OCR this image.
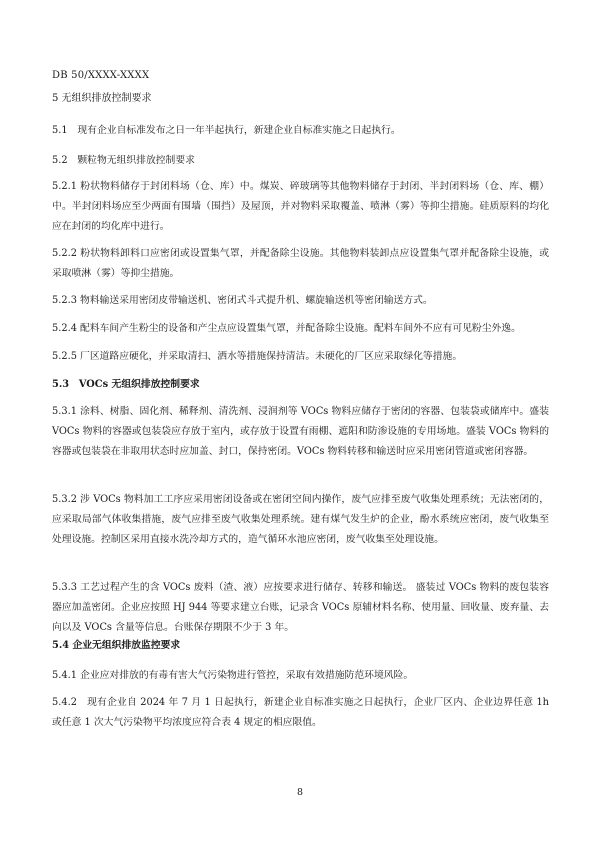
DB 50/XXXX-XXXX
5 无组织排放控制要求

5.1　现有企业自标准发布之日一年半起执行，新建企业自标准实施之日起执行。

5.2　颗粒物无组织排放控制要求

5.2.1 粉状物料储存于封闭料场（仓、库）中。煤炭、碎玻璃等其他物料储存于封闭、半封闭料场（仓、库、棚）中。半封闭料场应至少两面有围墙（围挡）及屋顶，并对物料采取覆盖、喷淋（雾）等抑尘措施。硅质原料的均化应在封闭的均化库中进行。

5.2.2 粉状物料卸料口应密闭或设置集气罩，并配备除尘设施。其他物料装卸点应设置集气罩并配备除尘设施，或采取喷淋（雾）等抑尘措施。

5.2.3 物料输送采用密闭皮带输送机、密闭式斗式提升机、螺旋输送机等密闭输送方式。

5.2.4 配料车间产生粉尘的设备和产尘点应设置集气罩，并配备除尘设施。配料车间外不应有可见粉尘外逸。

5.2.5 厂区道路应硬化，并采取清扫、洒水等措施保持清洁。未硬化的厂区应采取绿化等措施。

5.3　VOCs 无组织排放控制要求

5.3.1 涂料、树脂、固化剂、稀释剂、清洗剂、浸润剂等 VOCs 物料应储存于密闭的容器、包装袋或储库中。盛装 VOCs 物料的容器或包装袋应存放于室内，或存放于设置有雨棚、遮阳和防渗设施的专用场地。盛装 VOCs 物料的容器或包装袋在非取用状态时应加盖、封口，保持密闭。VOCs 物料转移和输送时应采用密闭管道或密闭容器。

5.3.2 涉 VOCs 物料加工工序应采用密闭设备或在密闭空间内操作，废气应排至废气收集处理系统；无法密闭的，应采取局部气体收集措施，废气应排至废气收集处理系统。建有煤气发生炉的企业，酚水系统应密闭，废气收集至处理设施。控制区采用直接水洗冷却方式的，造气循环水池应密闭，废气收集至处理设施。

5.3.3 工艺过程产生的含 VOCs 废料（渣、液）应按要求进行储存、转移和输送。 盛装过 VOCs 物料的废包装容器应加盖密闭。企业应按照 HJ 944 等要求建立台账，记录含 VOCs 原辅材料名称、使用量、回收量、废弃量、去向以及 VOCs 含量等信息。台账保存期限不少于 3 年。

5.4 企业无组织排放监控要求

5.4.1 企业应对排放的有毒有害大气污染物进行管控，采取有效措施防范环境风险。

5.4.2　现有企业自 2024 年 7 月 1 日起执行，新建企业自标准实施之日起执行，企业厂区内、企业边界任意 1h 或任意 1 次大气污染物平均浓度应符合表 4 规定的相应限值。

8
